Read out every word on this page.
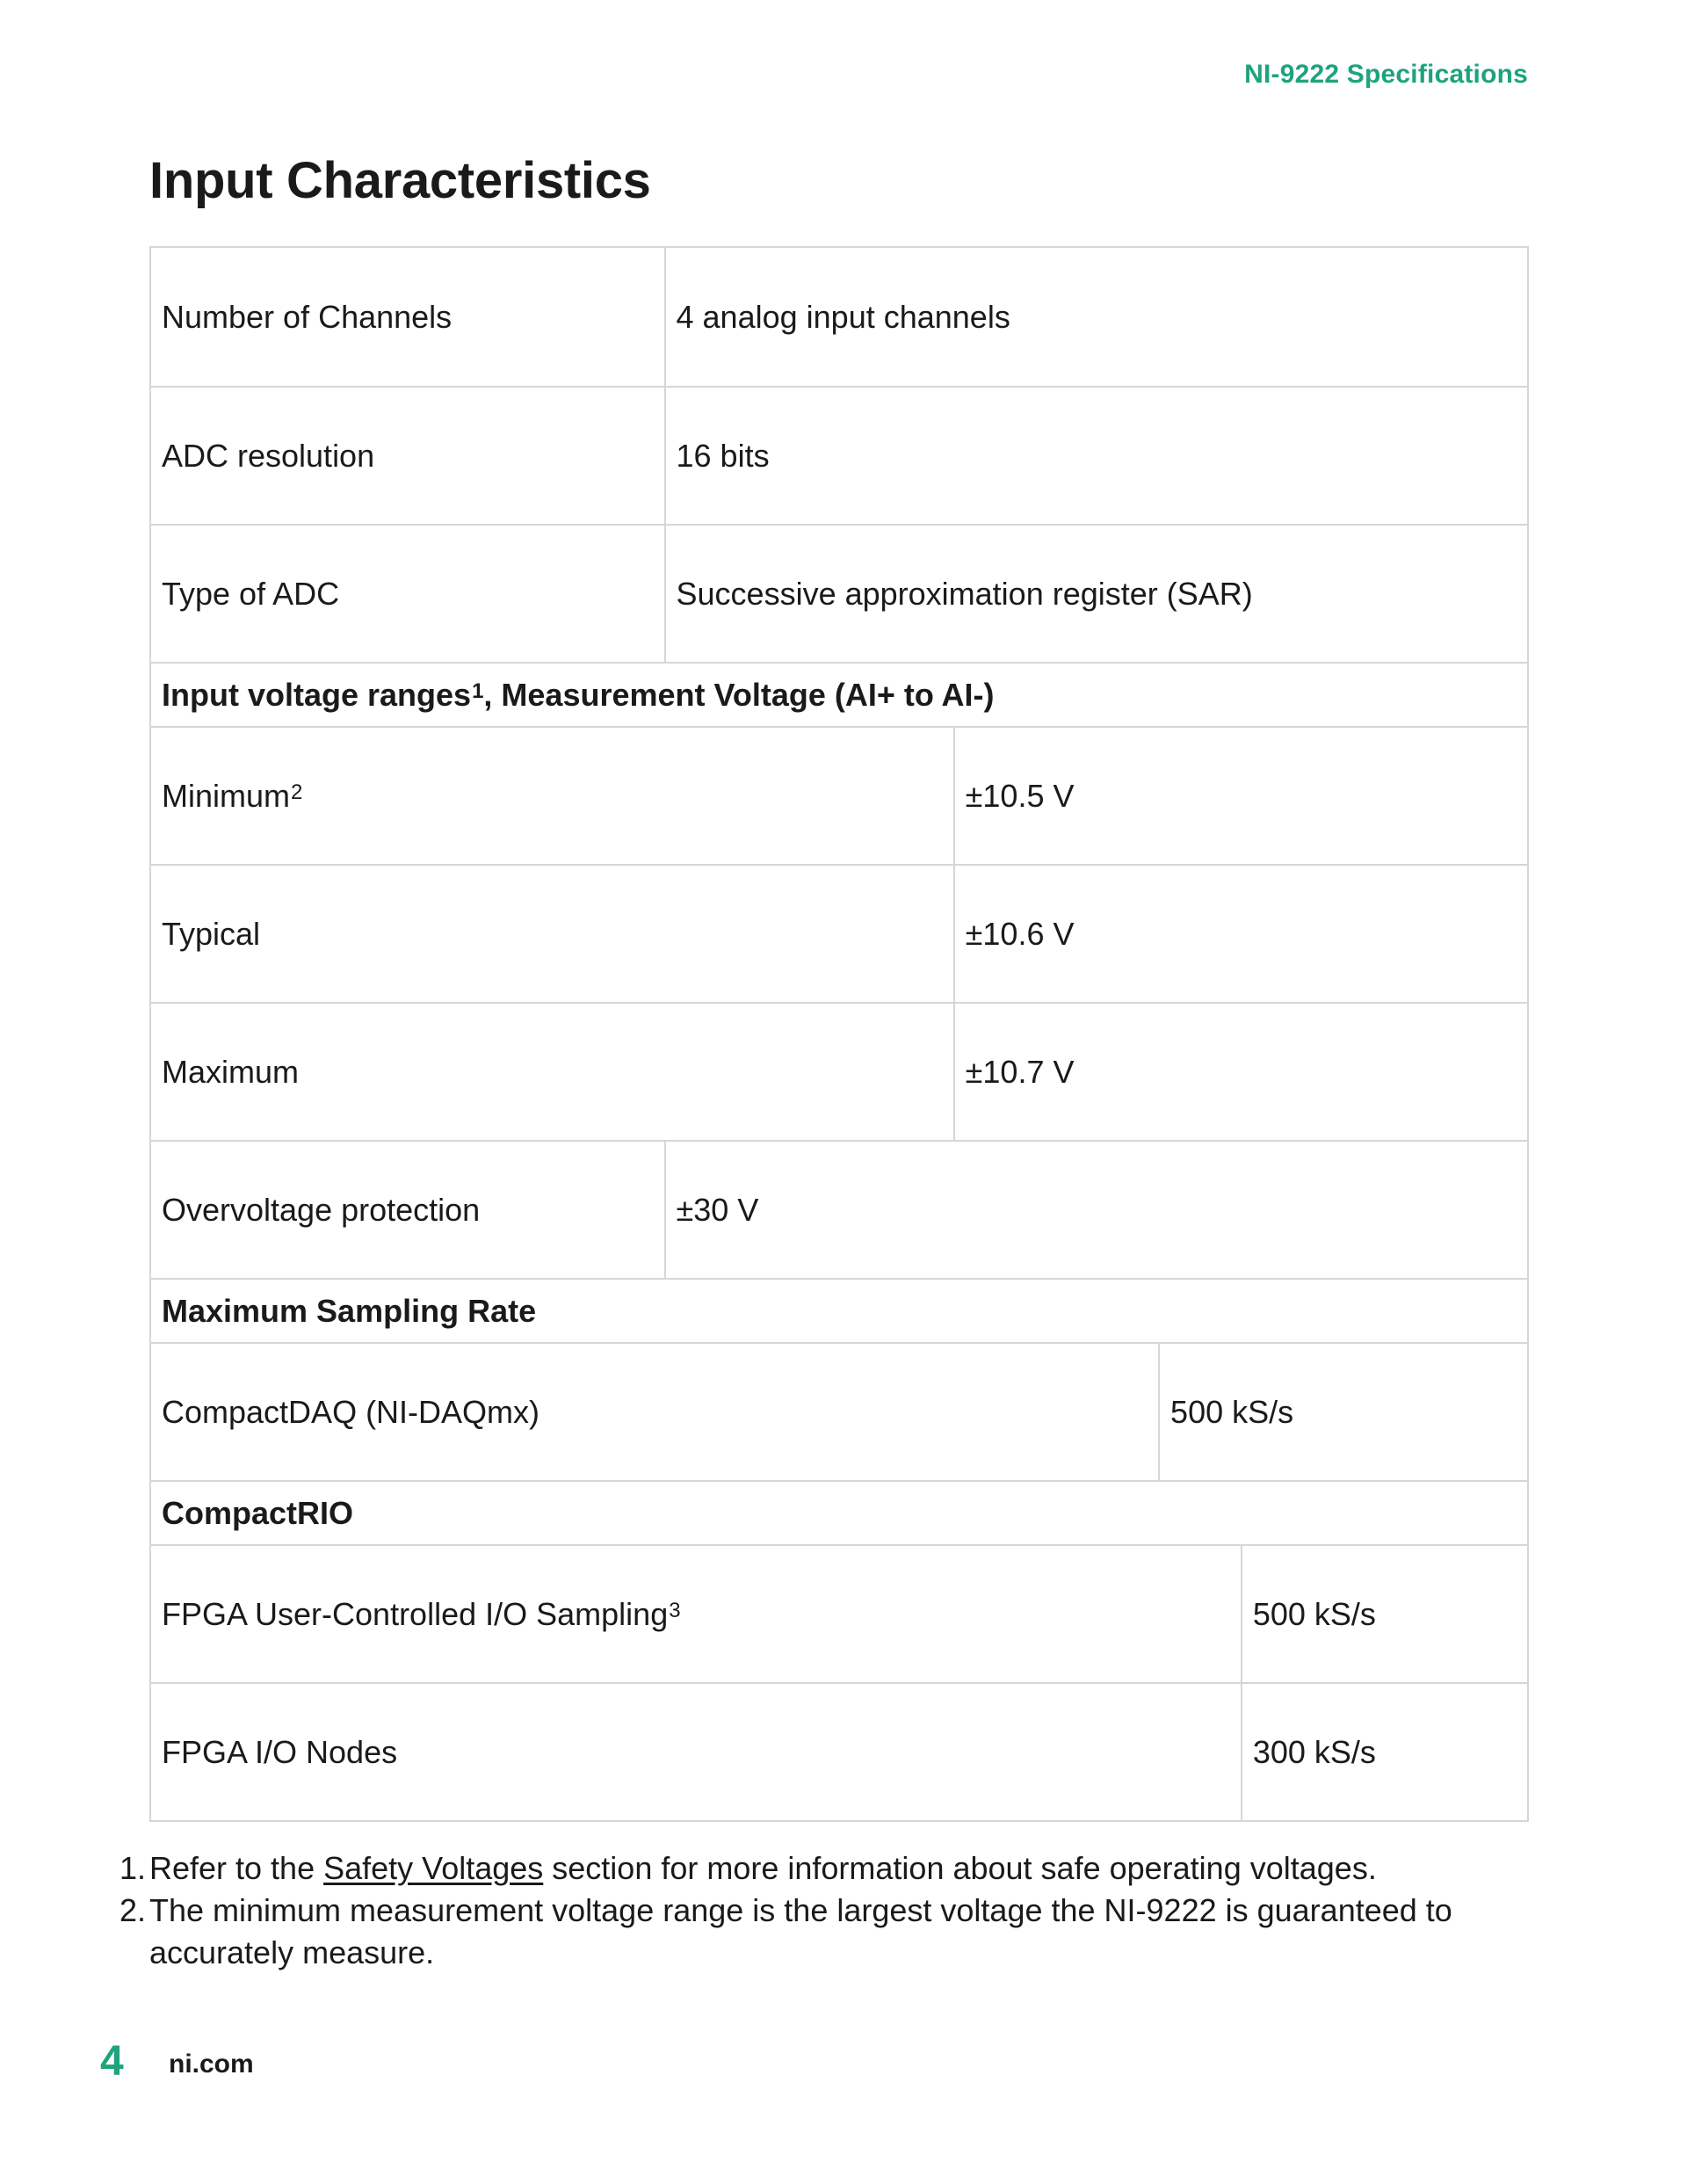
NI-9222 Specifications
Input Characteristics
Number of Channels	4 analog input channels
ADC resolution	16 bits
Type of ADC	Successive approximation register (SAR)
Input voltage ranges$^1$ , Measurement Voltage (AI+ to AI-)
Minimum$^2$	±10.5 V
Typical	±10.6 V
Maximum	±10.7 V
Overvoltage protection	±30 V
Maximum Sampling Rate
CompactDAQ (NI-DAQmx)	500 kS/s
CompactRIO
FPGA User-Controlled I/O Sampling$^3$	500 kS/s
FPGA I/O Nodes	300 kS/s
1. Refer to the Safety Voltages section for more information about safe operating voltages.
2. The minimum measurement voltage range is the largest voltage the NI-9222 is guaranteed to accurately measure.
4 ni.com
